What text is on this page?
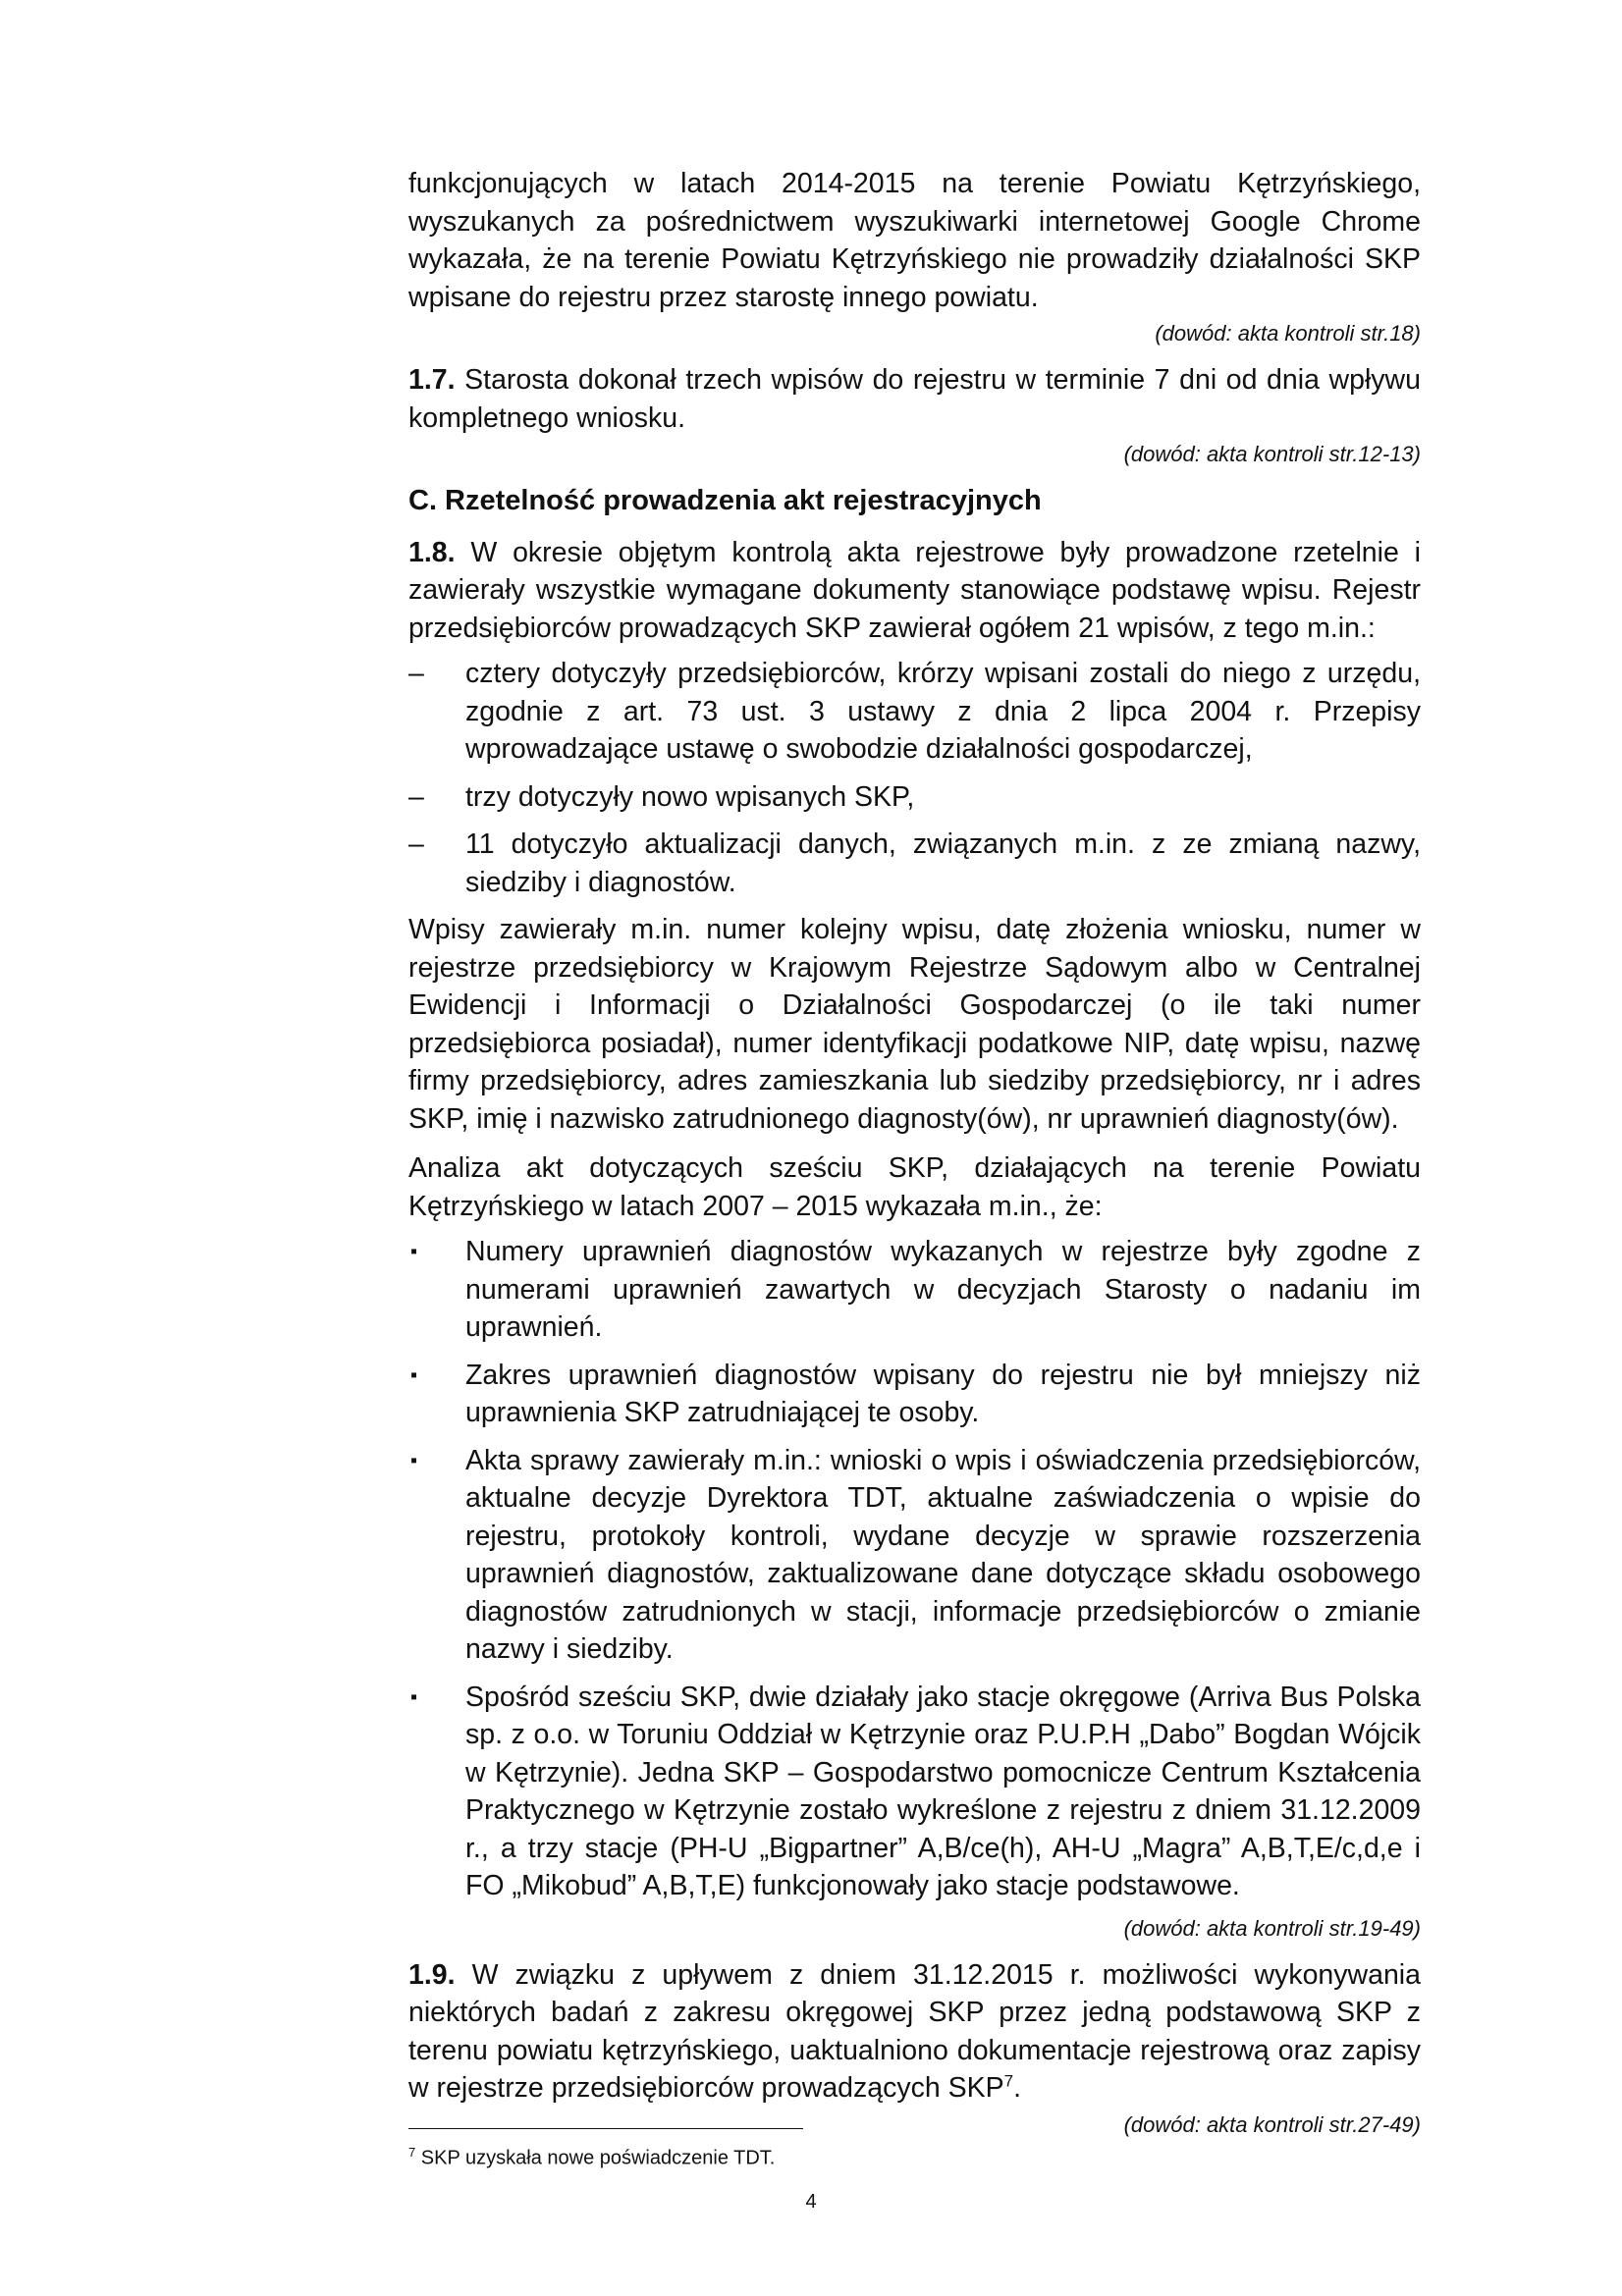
funkcjonujących w latach 2014-2015 na terenie Powiatu Kętrzyńskiego, wyszukanych za pośrednictwem wyszukiwarki internetowej Google Chrome wykazała, że na terenie Powiatu Kętrzyńskiego nie prowadziły działalności SKP wpisane do rejestru przez starostę innego powiatu.

(dowód: akta kontroli str.18)

1.7. Starosta dokonał trzech wpisów do rejestru w terminie 7 dni od dnia wpływu kompletnego wniosku.

(dowód: akta kontroli str.12-13)
C. Rzetelność prowadzenia akt rejestracyjnych

1.8. W okresie objętym kontrolą akta rejestrowe były prowadzone rzetelnie i zawierały wszystkie wymagane dokumenty stanowiące podstawę wpisu. Rejestr przedsiębiorców prowadzących SKP zawierał ogółem 21 wpisów, z tego m.in.:

–	cztery dotyczyły przedsiębiorców, krórzy wpisani zostali do niego z urzędu, zgodnie z art. 73 ust. 3 ustawy z dnia 2 lipca 2004 r. Przepisy wprowadzające ustawę o swobodzie działalności gospodarczej,
–	trzy dotyczyły nowo wpisanych SKP,
–	11 dotyczyło aktualizacji danych, związanych m.in. z ze zmianą nazwy, siedziby i diagnostów.

Wpisy zawierały m.in. numer kolejny wpisu, datę złożenia wniosku, numer w rejestrze przedsiębiorcy w Krajowym Rejestrze Sądowym albo w Centralnej Ewidencji i Informacji o Działalności Gospodarczej (o ile taki numer przedsiębiorca posiadał), numer identyfikacji podatkowe NIP, datę wpisu, nazwę firmy przedsiębiorcy, adres zamieszkania lub siedziby przedsiębiorcy, nr i adres SKP, imię i nazwisko zatrudnionego diagnosty(ów), nr uprawnień diagnosty(ów).

Analiza akt dotyczących sześciu SKP, działających na terenie Powiatu Kętrzyńskiego w latach 2007 – 2015 wykazała m.in., że:

▪	Numery uprawnień diagnostów wykazanych w rejestrze były zgodne z numerami uprawnień zawartych w decyzjach Starosty o nadaniu im uprawnień.
▪	Zakres uprawnień diagnostów wpisany do rejestru nie był mniejszy niż uprawnienia SKP zatrudniającej te osoby.
▪	Akta sprawy zawierały m.in.: wnioski o wpis i oświadczenia przedsiębiorców, aktualne decyzje Dyrektora TDT, aktualne zaświadczenia o wpisie do rejestru, protokoły kontroli, wydane decyzje w sprawie rozszerzenia uprawnień diagnostów, zaktualizowane dane dotyczące składu osobowego diagnostów zatrudnionych w stacji, informacje przedsiębiorców o zmianie nazwy i siedziby.
▪	Spośród sześciu SKP, dwie działały jako stacje okręgowe (Arriva Bus Polska sp. z o.o. w Toruniu Oddział w Kętrzynie oraz P.U.P.H „Dabo” Bogdan Wójcik w Kętrzynie). Jedna SKP – Gospodarstwo pomocnicze Centrum Kształcenia Praktycznego w Kętrzynie zostało wykreślone z rejestru z dniem 31.12.2009 r., a trzy stacje (PH-U „Bigpartner” A,B/ce(h), AH-U „Magra” A,B,T,E/c,d,e i FO „Mikobud” A,B,T,E) funkcjonowały jako stacje podstawowe.
(dowód: akta kontroli str.19-49)

1.9. W związku z upływem z dniem 31.12.2015 r. możliwości wykonywania niektórych badań z zakresu okręgowej SKP przez jedną podstawową SKP z terenu powiatu kętrzyńskiego, uaktualniono dokumentacje rejestrową oraz zapisy w rejestrze przedsiębiorców prowadzących SKP$^7$.

(dowód: akta kontroli str.27-49)
$^7$ SKP uzyskała nowe poświadczenie TDT.
4
